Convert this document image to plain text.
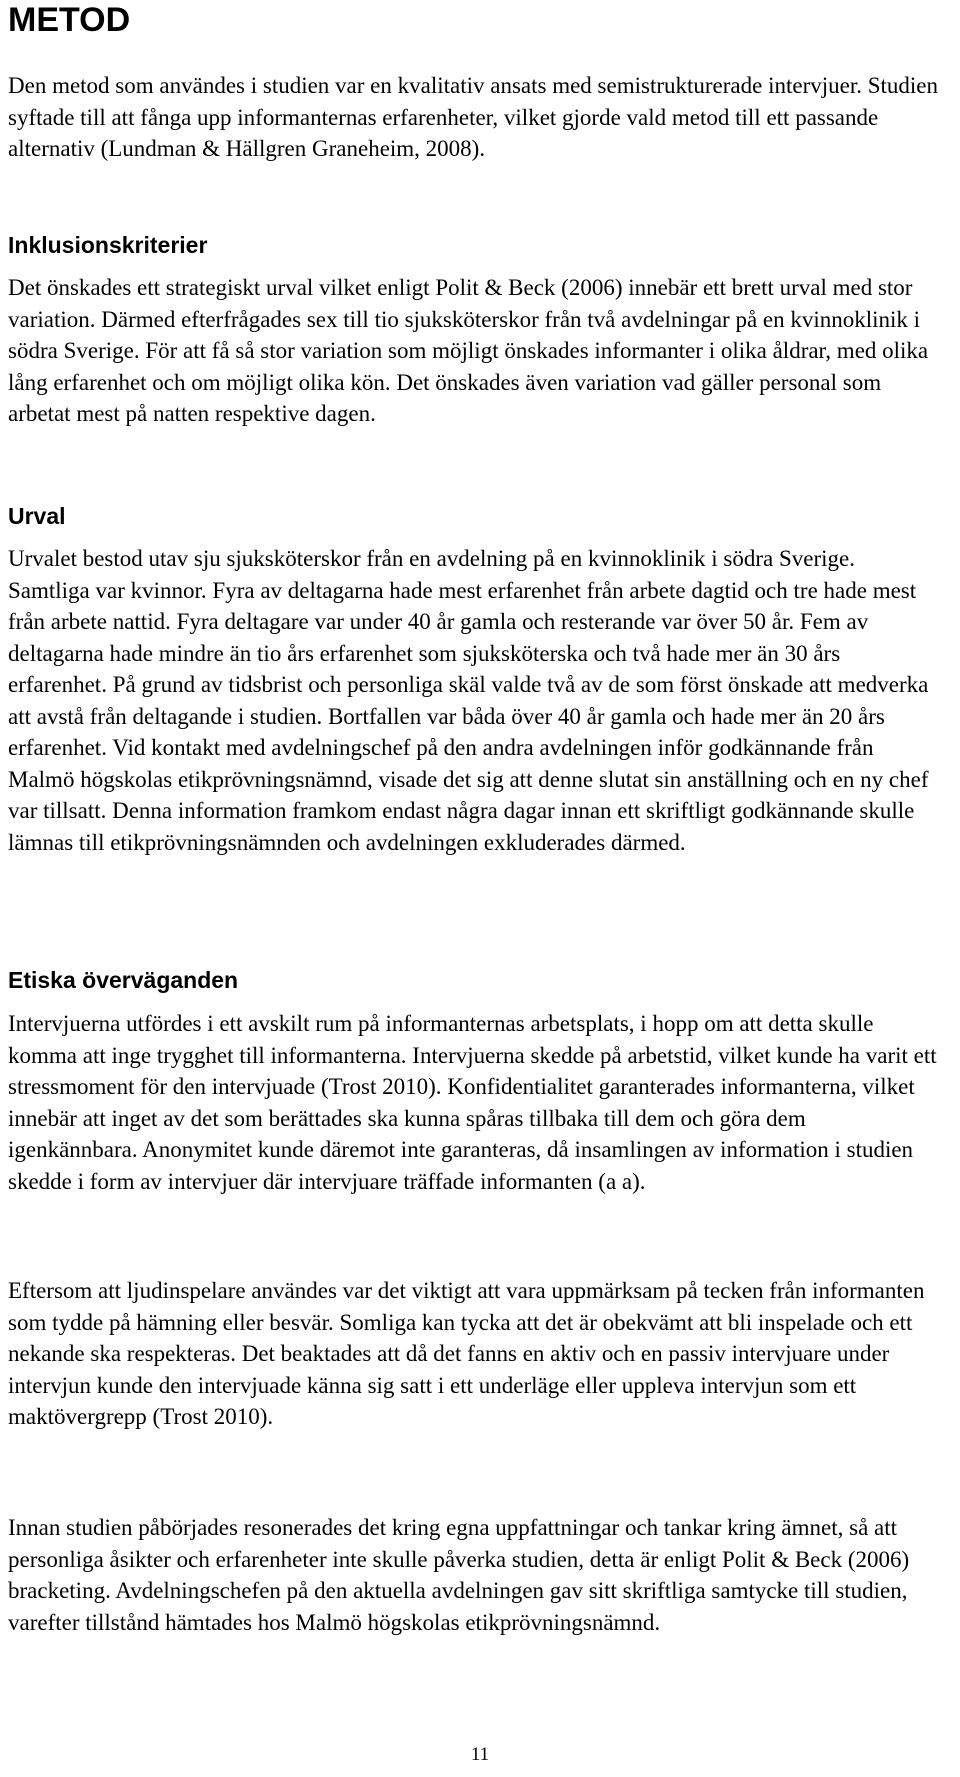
METOD

Den metod som användes i studien var en kvalitativ ansats med semistrukturerade intervjuer. Studien syftade till att fånga upp informanternas erfarenheter, vilket gjorde vald metod till ett passande alternativ (Lundman & Hällgren Graneheim, 2008).

Inklusionskriterier

Det önskades ett strategiskt urval vilket enligt Polit & Beck (2006) innebär ett brett urval med stor variation. Därmed efterfrågades sex till tio sjuksköterskor från två avdelningar på en kvinnoklinik i södra Sverige. För att få så stor variation som möjligt önskades informanter i olika åldrar, med olika lång erfarenhet och om möjligt olika kön. Det önskades även variation vad gäller personal som arbetat mest på natten respektive dagen.

Urval

Urvalet bestod utav sju sjuksköterskor från en avdelning på en kvinnoklinik i södra Sverige. Samtliga var kvinnor. Fyra av deltagarna hade mest erfarenhet från arbete dagtid och tre hade mest från arbete nattid. Fyra deltagare var under 40 år gamla och resterande var över 50 år. Fem av deltagarna hade mindre än tio års erfarenhet som sjuksköterska och två hade mer än 30 års erfarenhet. På grund av tidsbrist och personliga skäl valde två av de som först önskade att medverka att avstå från deltagande i studien. Bortfallen var båda över 40 år gamla och hade mer än 20 års erfarenhet. Vid kontakt med avdelningschef på den andra avdelningen inför godkännande från Malmö högskolas etikprövningsnämnd, visade det sig att denne slutat sin anställning och en ny chef var tillsatt. Denna information framkom endast några dagar innan ett skriftligt godkännande skulle lämnas till etikprövningsnämnden och avdelningen exkluderades därmed.

Etiska överväganden

Intervjuerna utfördes i ett avskilt rum på informanternas arbetsplats, i hopp om att detta skulle komma att inge trygghet till informanterna. Intervjuerna skedde på arbetstid, vilket kunde ha varit ett stressmoment för den intervjuade (Trost 2010). Konfidentialitet garanterades informanterna, vilket innebär att inget av det som berättades ska kunna spåras tillbaka till dem och göra dem igenkännbara. Anonymitet kunde däremot inte garanteras, då insamlingen av information i studien skedde i form av intervjuer där intervjuare träffade informanten (a a).

Eftersom att ljudinspelare användes var det viktigt att vara uppmärksam på tecken från informanten som tydde på hämning eller besvär. Somliga kan tycka att det är obekvämt att bli inspelade och ett nekande ska respekteras. Det beaktades att då det fanns en aktiv och en passiv intervjuare under intervjun kunde den intervjuade känna sig satt i ett underläge eller uppleva intervjun som ett maktövergrepp (Trost 2010).

Innan studien påbörjades resonerades det kring egna uppfattningar och tankar kring ämnet, så att personliga åsikter och erfarenheter inte skulle påverka studien, detta är enligt Polit & Beck (2006) bracketing. Avdelningschefen på den aktuella avdelningen gav sitt skriftliga samtycke till studien, varefter tillstånd hämtades hos Malmö högskolas etikprövningsnämnd.

11
